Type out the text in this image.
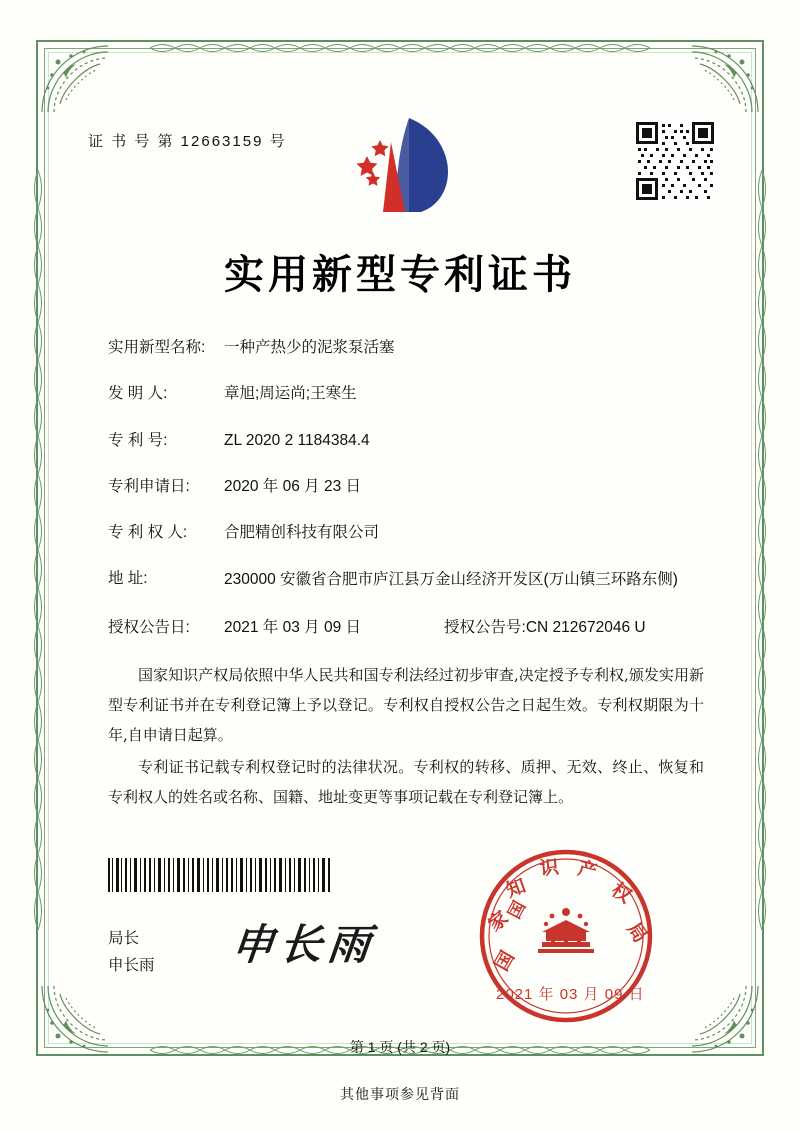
证 书 号 第 12663159 号
实用新型专利证书
实用新型名称:	一种产热少的泥浆泵活塞
发 明 人:	章旭;周运尚;王寒生
专 利 号:	ZL 2020 2 1184384.4
专利申请日:	2020 年 06 月 23 日
专 利 权 人:	合肥精创科技有限公司
地 址:	230000 安徽省合肥市庐江县万金山经济开发区(万山镇三环路东侧)
授权公告日:	2021 年 03 月 09 日	授权公告号: CN 212672046 U

国家知识产权局依照中华人民共和国专利法经过初步审查,决定授予专利权,颁发实用新型专利证书并在专利登记簿上予以登记。专利权自授权公告之日起生效。专利权期限为十年,自申请日起算。

专利证书记载专利权登记时的法律状况。专利权的转移、质押、无效、终止、恢复和专利权人的姓名或名称、国籍、地址变更等事项记载在专利登记簿上。

局长
申长雨 申长雨
国
国
家
知
识 产
权
局
2021 年 03 月 09 日
第 1 页 (共 2 页)
其他事项参见背面
